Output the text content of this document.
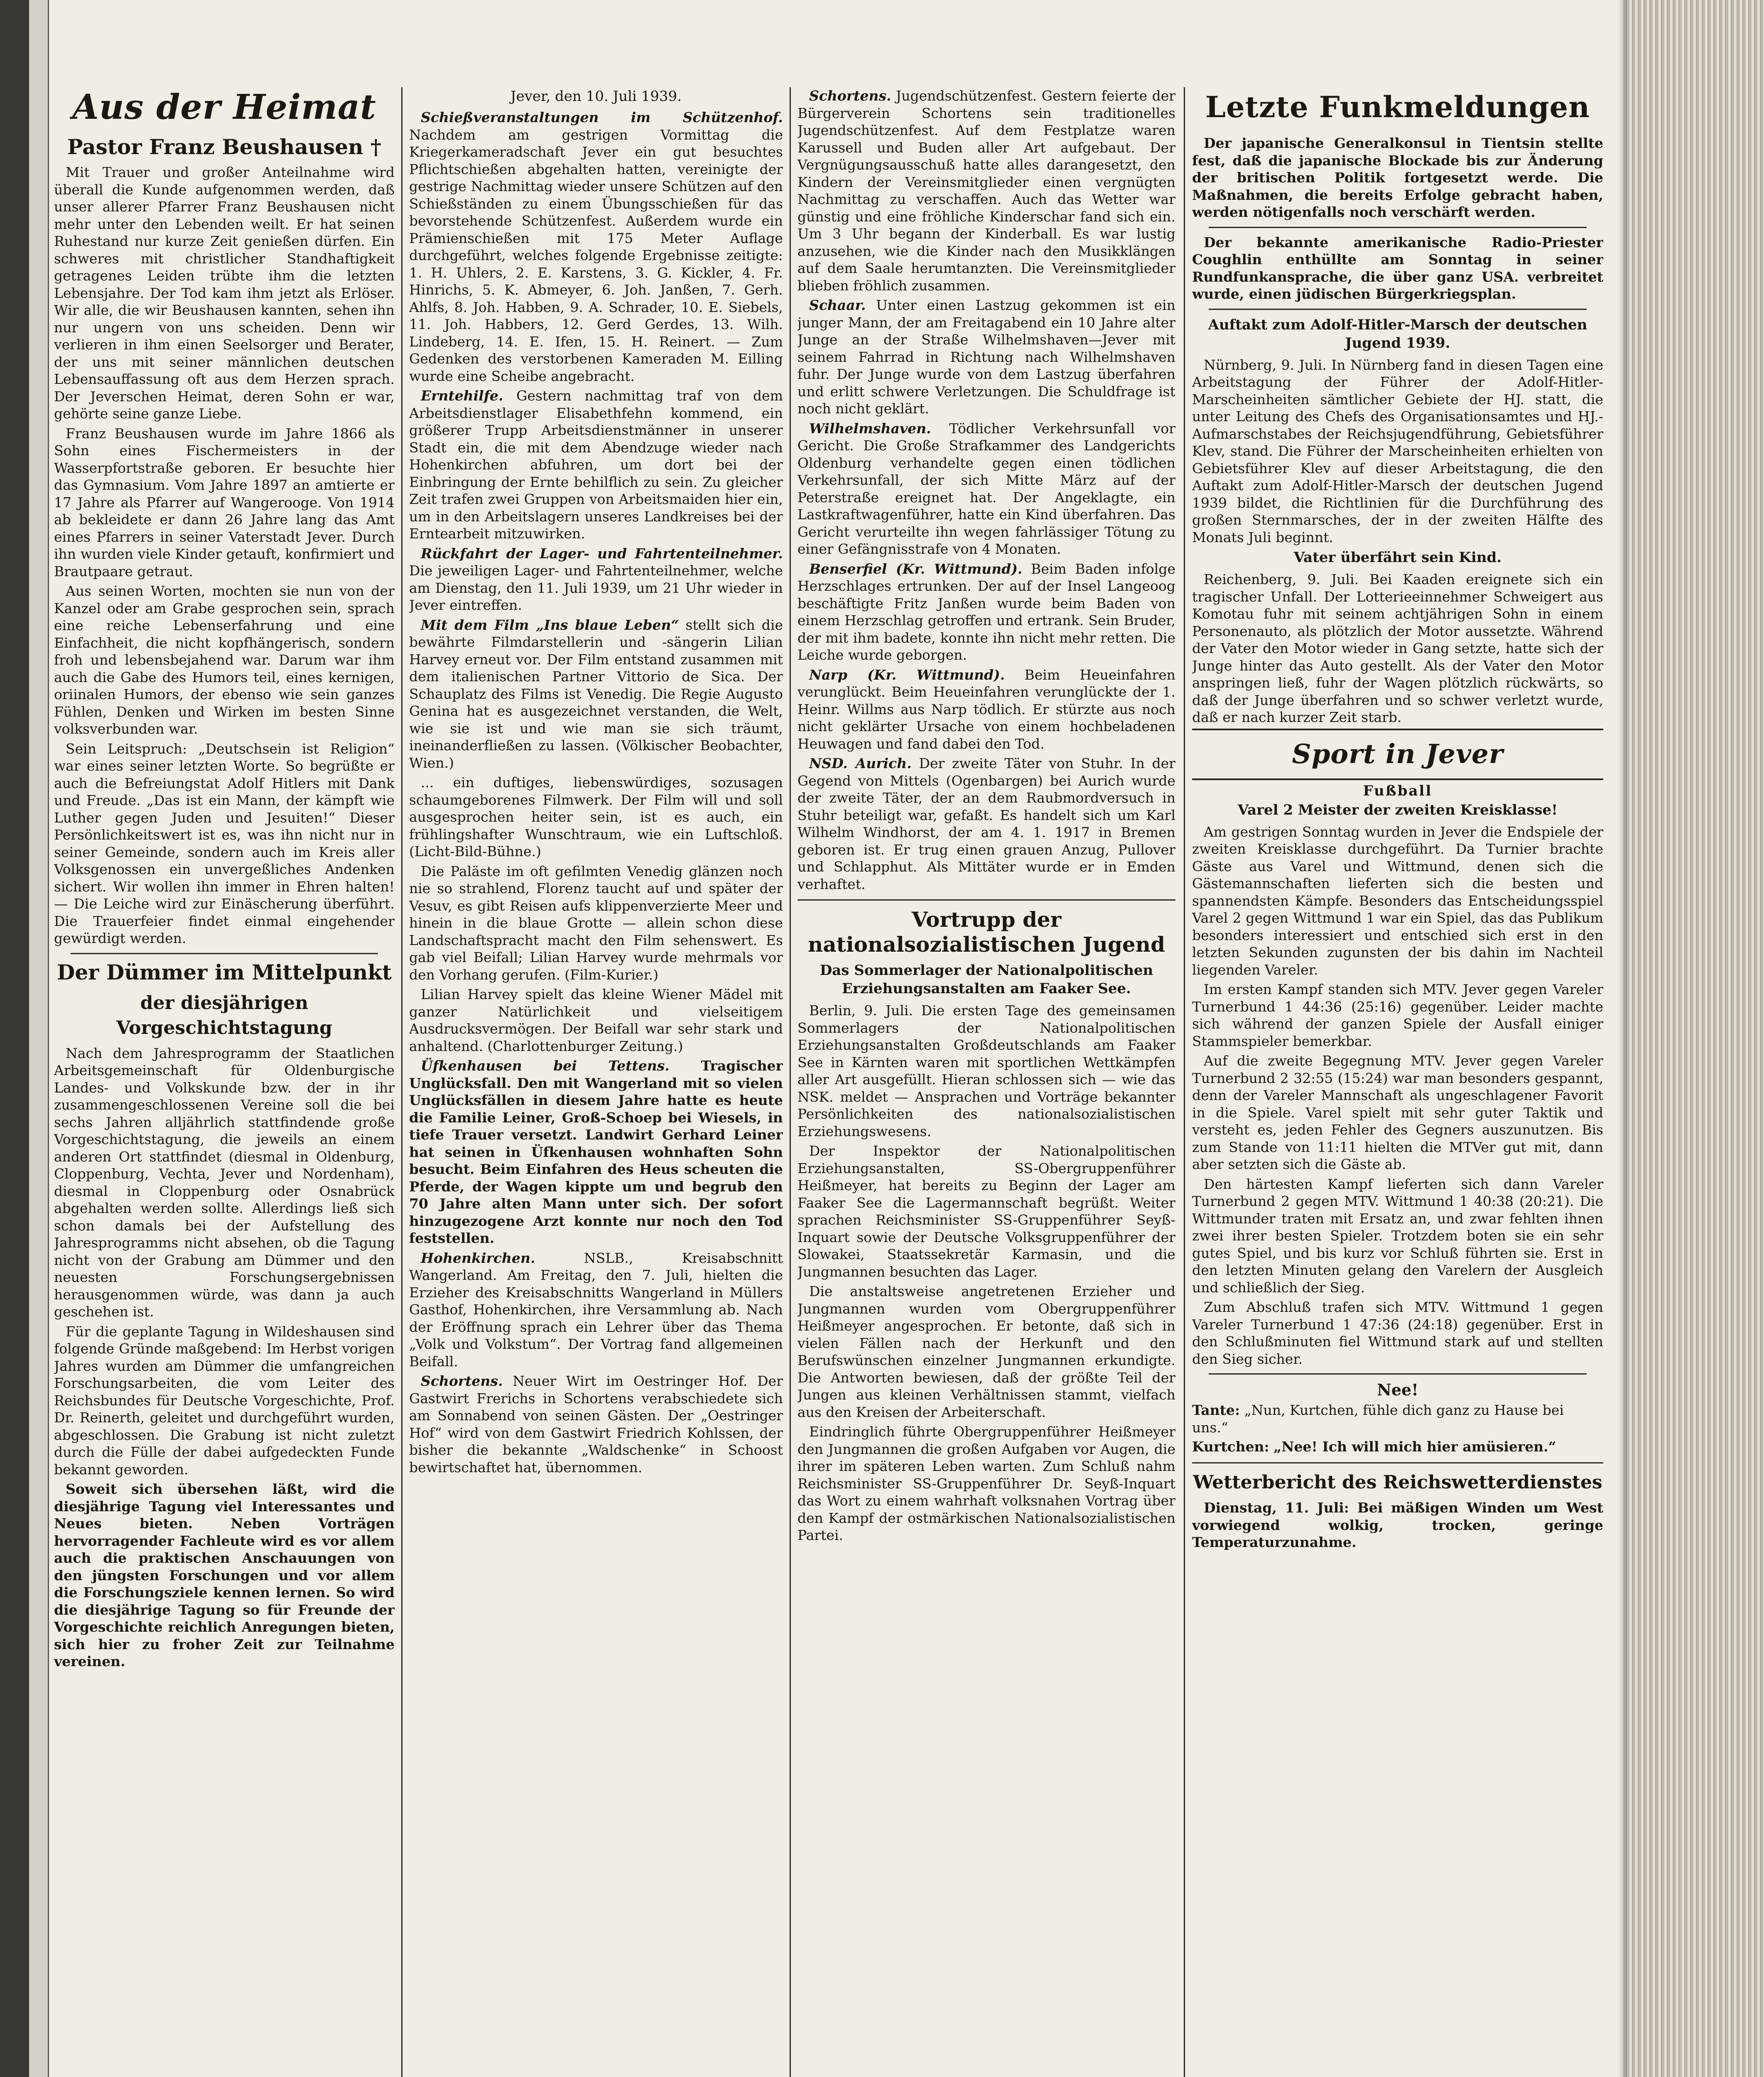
Aus der Heimat
Pastor Franz Beushausen †

Mit Trauer und großer Anteilnahme wird überall die Kunde aufgenommen werden, daß unser allerer Pfarrer Franz Beushausen nicht mehr unter den Lebenden weilt. Er hat seinen Ruhestand nur kurze Zeit genießen dürfen. Ein schweres mit christlicher Standhaftigkeit getragenes Leiden trübte ihm die letzten Lebensjahre. Der Tod kam ihm jetzt als Erlöser. Wir alle, die wir Beushausen kannten, sehen ihn nur ungern von uns scheiden. Denn wir verlieren in ihm einen Seelsorger und Berater, der uns mit seiner männlichen deutschen Lebensauffassung oft aus dem Herzen sprach. Der Jeverschen Heimat, deren Sohn er war, gehörte seine ganze Liebe.

Franz Beushausen wurde im Jahre 1866 als Sohn eines Fischermeisters in der Wasserpfortstraße geboren. Er besuchte hier das Gymnasium. Vom Jahre 1897 an amtierte er 17 Jahre als Pfarrer auf Wangerooge. Von 1914 ab bekleidete er dann 26 Jahre lang das Amt eines Pfarrers in seiner Vaterstadt Jever. Durch ihn wurden viele Kinder getauft, konfirmiert und Brautpaare getraut.

Aus seinen Worten, mochten sie nun von der Kanzel oder am Grabe gesprochen sein, sprach eine reiche Lebenserfahrung und eine Einfachheit, die nicht kopfhängerisch, sondern froh und lebensbejahend war. Darum war ihm auch die Gabe des Humors teil, eines kernigen, oriinalen Humors, der ebenso wie sein ganzes Fühlen, Denken und Wirken im besten Sinne volksverbunden war.

Sein Leitspruch: „Deutschsein ist Religion“ war eines seiner letzten Worte. So begrüßte er auch die Befreiungstat Adolf Hitlers mit Dank und Freude. „Das ist ein Mann, der kämpft wie Luther gegen Juden und Jesuiten!“ Dieser Persönlichkeitswert ist es, was ihn nicht nur in seiner Gemeinde, sondern auch im Kreis aller Volksgenossen ein unvergeßliches Andenken sichert. Wir wollen ihn immer in Ehren halten! — Die Leiche wird zur Einäscherung überführt. Die Trauerfeier findet einmal eingehender gewürdigt werden.

Der Dümmer im Mittelpunkt
der diesjährigen Vorgeschichtstagung

Nach dem Jahresprogramm der Staatlichen Arbeitsgemeinschaft für Oldenburgische Landes- und Volkskunde bzw. der in ihr zusammengeschlossenen Vereine soll die bei sechs Jahren alljährlich stattfindende große Vorgeschichtstagung, die jeweils an einem anderen Ort stattfindet (diesmal in Oldenburg, Cloppenburg, Vechta, Jever und Nordenham), diesmal in Cloppenburg oder Osnabrück abgehalten werden sollte. Allerdings ließ sich schon damals bei der Aufstellung des Jahresprogramms nicht absehen, ob die Tagung nicht von der Grabung am Dümmer und den neuesten Forschungsergebnissen herausgenommen würde, was dann ja auch geschehen ist.

Für die geplante Tagung in Wildeshausen sind folgende Gründe maßgebend: Im Herbst vorigen Jahres wurden am Dümmer die umfangreichen Forschungsarbeiten, die vom Leiter des Reichsbundes für Deutsche Vorgeschichte, Prof. Dr. Reinerth, geleitet und durchgeführt wurden, abgeschlossen. Die Grabung ist nicht zuletzt durch die Fülle der dabei aufgedeckten Funde bekannt geworden.

Soweit sich übersehen läßt, wird die diesjährige Tagung viel Interessantes und Neues bieten. Neben Vorträgen hervorragender Fachleute wird es vor allem auch die praktischen Anschauungen von den jüngsten Forschungen und vor allem die Forschungsziele kennen lernen. So wird die diesjährige Tagung so für Freunde der Vorgeschichte reichlich Anregungen bieten, sich hier zu froher Zeit zur Teilnahme vereinen.

Jever, den 10. Juli 1939.

Schießveranstaltungen im Schützenhof. Nachdem am gestrigen Vormittag die Kriegerkameradschaft Jever ein gut besuchtes Pflichtschießen abgehalten hatten, vereinigte der gestrige Nachmittag wieder unsere Schützen auf den Schießständen zu einem Übungsschießen für das bevorstehende Schützenfest. Außerdem wurde ein Prämienschießen mit 175 Meter Auflage durchgeführt, welches folgende Ergebnisse zeitigte: 1. H. Uhlers, 2. E. Karstens, 3. G. Kickler, 4. Fr. Hinrichs, 5. K. Abmeyer, 6. Joh. Janßen, 7. Gerh. Ahlfs, 8. Joh. Habben, 9. A. Schrader, 10. E. Siebels, 11. Joh. Habbers, 12. Gerd Gerdes, 13. Wilh. Lindeberg, 14. E. Ifen, 15. H. Reinert. — Zum Gedenken des verstorbenen Kameraden M. Eilling wurde eine Scheibe angebracht.

Erntehilfe. Gestern nachmittag traf von dem Arbeitsdienstlager Elisabethfehn kommend, ein größerer Trupp Arbeitsdienstmänner in unserer Stadt ein, die mit dem Abendzuge wieder nach Hohenkirchen abfuhren, um dort bei der Einbringung der Ernte behilflich zu sein. Zu gleicher Zeit trafen zwei Gruppen von Arbeitsmaiden hier ein, um in den Arbeitslagern unseres Landkreises bei der Erntearbeit mitzuwirken.

Rückfahrt der Lager- und Fahrtenteilnehmer. Die jeweiligen Lager- und Fahrtenteilnehmer, welche am Dienstag, den 11. Juli 1939, um 21 Uhr wieder in Jever eintreffen.

Mit dem Film „Ins blaue Leben“ stellt sich die bewährte Filmdarstellerin und -sängerin Lilian Harvey erneut vor. Der Film entstand zusammen mit dem italienischen Partner Vittorio de Sica. Der Schauplatz des Films ist Venedig. Die Regie Augusto Genina hat es ausgezeichnet verstanden, die Welt, wie sie ist und wie man sie sich träumt, ineinanderfließen zu lassen. (Völkischer Beobachter, Wien.)

... ein duftiges, liebenswürdiges, sozusagen schaumgeborenes Filmwerk. Der Film will und soll ausgesprochen heiter sein, ist es auch, ein frühlingshafter Wunschtraum, wie ein Luftschloß. (Licht-Bild-Bühne.)

Die Paläste im oft gefilmten Venedig glänzen noch nie so strahlend, Florenz taucht auf und später der Vesuv, es gibt Reisen aufs klippenverzierte Meer und hinein in die blaue Grotte — allein schon diese Landschaftspracht macht den Film sehenswert. Es gab viel Beifall; Lilian Harvey wurde mehrmals vor den Vorhang gerufen. (Film-Kurier.)

Lilian Harvey spielt das kleine Wiener Mädel mit ganzer Natürlichkeit und vielseitigem Ausdrucksvermögen. Der Beifall war sehr stark und anhaltend. (Charlottenburger Zeitung.)

Üfkenhausen bei Tettens. Tragischer Unglücksfall. Den mit Wangerland mit so vielen Unglücksfällen in diesem Jahre hatte es heute die Familie Leiner, Groß-Schoep bei Wiesels, in tiefe Trauer versetzt. Landwirt Gerhard Leiner hat seinen in Üfkenhausen wohnhaften Sohn besucht. Beim Einfahren des Heus scheuten die Pferde, der Wagen kippte um und begrub den 70 Jahre alten Mann unter sich. Der sofort hinzugezogene Arzt konnte nur noch den Tod feststellen.

Hohenkirchen.	NSLB., Kreisabschnitt Wangerland. Am Freitag, den 7. Juli, hielten die Erzieher des Kreisabschnitts Wangerland in Müllers Gasthof, Hohenkirchen, ihre Versammlung ab. Nach der Eröffnung sprach ein Lehrer über das Thema „Volk und Volkstum“. Der Vortrag fand allgemeinen Beifall.

Schortens. Neuer Wirt im Oestringer Hof. Der Gastwirt Frerichs in Schortens verabschiedete sich am Sonnabend von seinen Gästen. Der „Oestringer Hof“ wird von dem Gastwirt Friedrich Kohlssen, der bisher die bekannte „Waldschenke“ in Schoost bewirtschaftet hat, übernommen.

Schortens. Jugendschützenfest. Gestern feierte der Bürgerverein Schortens sein traditionelles Jugendschützenfest. Auf dem Festplatze waren Karussell und Buden aller Art aufgebaut. Der Vergnügungsausschuß hatte alles darangesetzt, den Kindern der Vereinsmitglieder einen vergnügten Nachmittag zu verschaffen. Auch das Wetter war günstig und eine fröhliche Kinderschar fand sich ein. Um 3 Uhr begann der Kinderball. Es war lustig anzusehen, wie die Kinder nach den Musikklängen auf dem Saale herumtanzten. Die Vereinsmitglieder blieben fröhlich zusammen.

Schaar. Unter einen Lastzug gekommen ist ein junger Mann, der am Freitagabend ein 10 Jahre alter Junge an der Straße Wilhelmshaven—Jever mit seinem Fahrrad in Richtung nach Wilhelmshaven fuhr. Der Junge wurde von dem Lastzug überfahren und erlitt schwere Verletzungen. Die Schuldfrage ist noch nicht geklärt.

Wilhelmshaven. Tödlicher Verkehrsunfall vor Gericht. Die Große Strafkammer des Landgerichts Oldenburg verhandelte gegen einen tödlichen Verkehrsunfall, der sich Mitte März auf der Peterstraße ereignet hat. Der Angeklagte, ein Lastkraftwagenführer, hatte ein Kind überfahren. Das Gericht verurteilte ihn wegen fahrlässiger Tötung zu einer Gefängnisstrafe von 4 Monaten.

Benserfiel (Kr. Wittmund). Beim Baden infolge Herzschlages ertrunken. Der auf der Insel Langeoog beschäftigte Fritz Janßen wurde beim Baden von einem Herzschlag getroffen und ertrank. Sein Bruder, der mit ihm badete, konnte ihn nicht mehr retten. Die Leiche wurde geborgen.

Narp (Kr. Wittmund). Beim Heueinfahren verunglückt. Beim Heueinfahren verunglückte der 1. Heinr. Willms aus Narp tödlich. Er stürzte aus noch nicht geklärter Ursache von einem hochbeladenen Heuwagen und fand dabei den Tod.

NSD. Aurich. Der zweite Täter von Stuhr. In der Gegend von Mittels (Ogenbargen) bei Aurich wurde der zweite Täter, der an dem Raubmordversuch in Stuhr beteiligt war, gefaßt. Es handelt sich um Karl Wilhelm Windhorst, der am 4. 1. 1917 in Bremen geboren ist. Er trug einen grauen Anzug, Pullover und Schlapphut. Als Mittäter wurde er in Emden verhaftet.

Vortrupp der nationalsozialistischen Jugend
Das Sommerlager der Nationalpolitischen Erziehungsanstalten am Faaker See.

Berlin, 9. Juli. Die ersten Tage des gemeinsamen Sommerlagers der Nationalpolitischen Erziehungsanstalten Großdeutschlands am Faaker See in Kärnten waren mit sportlichen Wettkämpfen aller Art ausgefüllt. Hieran schlossen sich — wie das NSK. meldet — Ansprachen und Vorträge bekannter Persönlichkeiten des nationalsozialistischen Erziehungswesens.

Der Inspektor der Nationalpolitischen Erziehungsanstalten, SS-Obergruppenführer Heißmeyer, hat bereits zu Beginn der Lager am Faaker See die Lagermannschaft begrüßt. Weiter sprachen Reichsminister SS-Gruppenführer Seyß-Inquart sowie der Deutsche Volksgruppenführer der Slowakei, Staatssekretär Karmasin, und die Jungmannen besuchten das Lager.

Die anstaltsweise angetretenen Erzieher und Jungmannen wurden vom Obergruppenführer Heißmeyer angesprochen. Er betonte, daß sich in vielen Fällen nach der Herkunft und den Berufswünschen einzelner Jungmannen erkundigte. Die Antworten bewiesen, daß der größte Teil der Jungen aus kleinen Verhältnissen stammt, vielfach aus den Kreisen der Arbeiterschaft.

Eindringlich führte Obergruppenführer Heißmeyer den Jungmannen die großen Aufgaben vor Augen, die ihrer im späteren Leben warten. Zum Schluß nahm Reichsminister SS-Gruppenführer Dr. Seyß-Inquart das Wort zu einem wahrhaft volksnahen Vortrag über den Kampf der ostmärkischen Nationalsozialistischen Partei.

Letzte Funkmeldungen

Der japanische Generalkonsul in Tientsin stellte fest, daß die japanische Blockade bis zur Änderung der britischen Politik fortgesetzt werde. Die Maßnahmen, die bereits Erfolge gebracht haben, werden nötigenfalls noch verschärft werden.

Der bekannte amerikanische Radio-Priester Coughlin enthüllte am Sonntag in seiner Rundfunkansprache, die über ganz USA. verbreitet wurde, einen jüdischen Bürgerkriegsplan.

Auftakt zum Adolf-Hitler-Marsch der deutschen Jugend 1939.

Nürnberg, 9. Juli. In Nürnberg fand in diesen Tagen eine Arbeitstagung der Führer der Adolf-Hitler-Marscheinheiten sämtlicher Gebiete der HJ. statt, die unter Leitung des Chefs des Organisationsamtes und HJ.-Aufmarschstabes der Reichsjugendführung, Gebietsführer Klev, stand. Die Führer der Marscheinheiten erhielten von Gebietsführer Klev auf dieser Arbeitstagung, die den Auftakt zum Adolf-Hitler-Marsch der deutschen Jugend 1939 bildet, die Richtlinien für die Durchführung des großen Sternmarsches, der in der zweiten Hälfte des Monats Juli beginnt.

Vater überfährt sein Kind.

Reichenberg, 9. Juli. Bei Kaaden ereignete sich ein tragischer Unfall. Der Lotterieeinnehmer Schweigert aus Komotau fuhr mit seinem achtjährigen Sohn in einem Personenauto, als plötzlich der Motor aussetzte. Während der Vater den Motor wieder in Gang setzte, hatte sich der Junge hinter das Auto gestellt. Als der Vater den Motor anspringen ließ, fuhr der Wagen plötzlich rückwärts, so daß der Junge überfahren und so schwer verletzt wurde, daß er nach kurzer Zeit starb.

Sport in Jever
Fußball
Varel 2 Meister der zweiten Kreisklasse!

Am gestrigen Sonntag wurden in Jever die Endspiele der zweiten Kreisklasse durchgeführt. Da Turnier brachte Gäste aus Varel und Wittmund, denen sich die Gästemannschaften lieferten sich die besten und spannendsten Kämpfe. Besonders das Entscheidungsspiel Varel 2 gegen Wittmund 1 war ein Spiel, das das Publikum besonders interessiert und entschied sich erst in den letzten Sekunden zugunsten der bis dahin im Nachteil liegenden Vareler.

Im ersten Kampf standen sich MTV. Jever gegen Vareler Turnerbund 1 44:36 (25:16) gegenüber. Leider machte sich während der ganzen Spiele der Ausfall einiger Stammspieler bemerkbar.

Auf die zweite Begegnung MTV. Jever gegen Vareler Turnerbund 2 32:55 (15:24) war man besonders gespannt, denn der Vareler Mannschaft als ungeschlagener Favorit in die Spiele. Varel spielt mit sehr guter Taktik und versteht es, jeden Fehler des Gegners auszunutzen. Bis zum Stande von 11:11 hielten die MTVer gut mit, dann aber setzten sich die Gäste ab.

Den härtesten Kampf lieferten sich dann Vareler Turnerbund 2 gegen MTV. Wittmund 1 40:38 (20:21). Die Wittmunder traten mit Ersatz an, und zwar fehlten ihnen zwei ihrer besten Spieler. Trotzdem boten sie ein sehr gutes Spiel, und bis kurz vor Schluß führten sie. Erst in den letzten Minuten gelang den Varelern der Ausgleich und schließlich der Sieg.

Zum Abschluß trafen sich MTV. Wittmund 1 gegen Vareler Turnerbund 1 47:36 (24:18) gegenüber. Erst in den Schlußminuten fiel Wittmund stark auf und stellten den Sieg sicher.

Nee!
Tante: „Nun, Kurtchen, fühle dich ganz zu Hause bei uns.“
Kurtchen: „Nee! Ich will mich hier amüsieren.“
Wetterbericht des Reichswetterdienstes

Dienstag, 11. Juli: Bei mäßigen Winden um West vorwiegend wolkig, trocken, geringe Temperaturzunahme.
